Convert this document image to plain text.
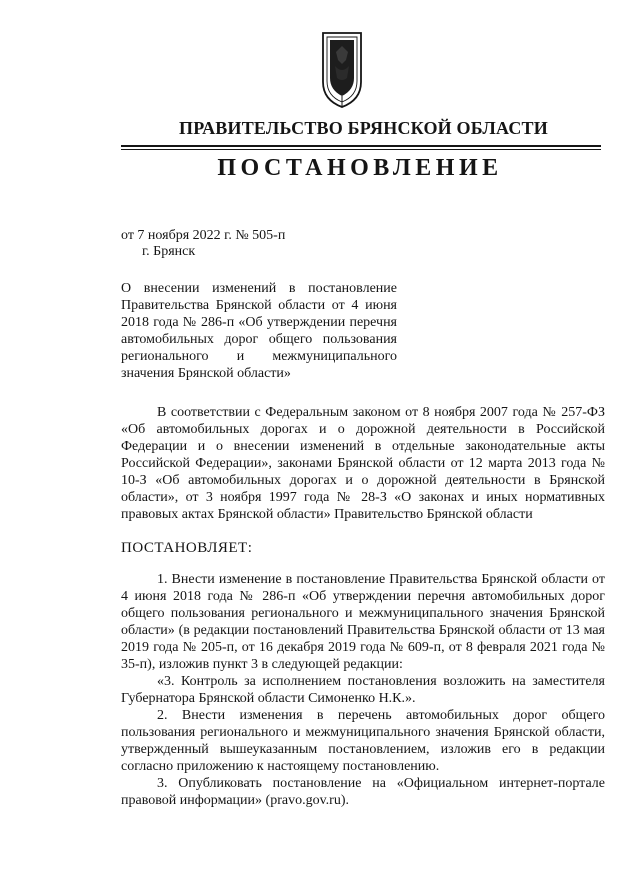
ПРАВИТЕЛЬСТВО БРЯНСКОЙ ОБЛАСТИ
ПОСТАНОВЛЕНИЕ
от 7 ноября 2022 г. № 505-п
г. Брянск
О внесении изменений в постановление Правительства Брянской области от 4 июня 2018 года № 286-п «Об утверждении перечня автомобильных дорог общего пользования регионального и межмуниципального значения Брянской области»

В соответствии с Федеральным законом от 8 ноября 2007 года № 257-ФЗ «Об автомобильных дорогах и о дорожной деятельности в Российской Федерации и о внесении изменений в отдельные законодательные акты Российской Федерации», законами Брянской области от 12 марта 2013 года № 10-З «Об автомобильных дорогах и о дорожной деятельности в Брянской области», от 3 ноября 1997 года № 28-З «О законах и иных нормативных правовых актах Брянской области» Правительство Брянской области

ПОСТАНОВЛЯЕТ:

1. Внести изменение в постановление Правительства Брянской области от 4 июня 2018 года № 286-п «Об утверждении перечня автомобильных дорог общего пользования регионального и межмуниципального значения Брянской области» (в редакции постановлений Правительства Брянской области от 13 мая 2019 года № 205-п, от 16 декабря 2019 года № 609-п, от 8 февраля 2021 года № 35-п), изложив пункт 3 в следующей редакции:

«3. Контроль за исполнением постановления возложить на заместителя Губернатора Брянской области Симоненко Н.К.».

2. Внести изменения в перечень автомобильных дорог общего пользования регионального и межмуниципального значения Брянской области, утвержденный вышеуказанным постановлением, изложив его в редакции согласно приложению к настоящему постановлению.

3. Опубликовать постановление на «Официальном интернет-портале правовой информации» (pravo.gov.ru).
